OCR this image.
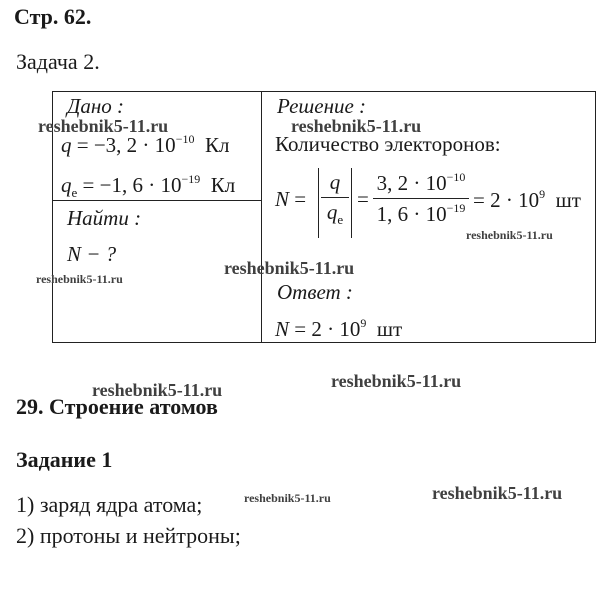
Стр. 62.
Задача 2.
Дано :
q = −3, $2 \cdot 10^{-10}$ Кл
$q_e = -1$, $6 \cdot 10^{-19}$ Кл
Найти :
N − ?
Решение :
Количество электоронов:
N =
q
$q_e$
=
3, $2 \cdot 10^{-10}$
1, $6 \cdot 10^{-19} = 2 \cdot 10^9$ шт
Ответ :
$N = 2 \cdot 10^9$ шт
29. Строение атомов
Задание 1
1) заряд ядра атома;
2) протоны и нейтроны;
reshebnik5-11.ru	reshebnik5-11.ru
reshebnik5-11.ru
reshebnik5-11.ru
reshebnik5-11.ru
reshebnik5-11.ru
reshebnik5-11.ru
reshebnik5-11.ru	reshebnik5-11.ru
